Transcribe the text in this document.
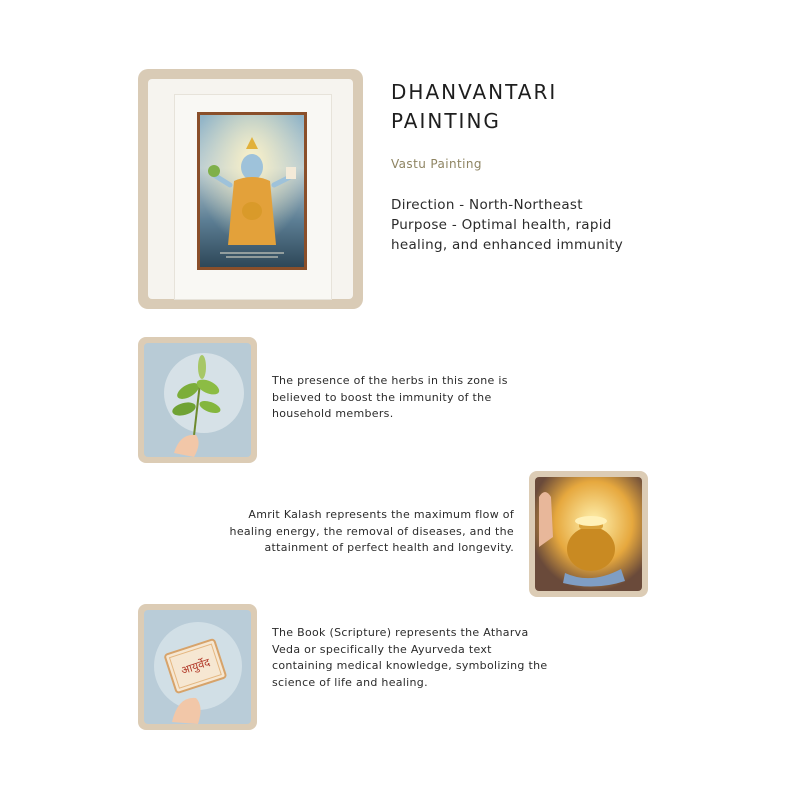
DHANVANTARI
PAINTING
Vastu Painting
Direction - North-Northeast
Purpose - Optimal health, rapid
healing, and enhanced immunity
The presence of the herbs in this zone is
believed to boost the immunity of the
household members.
Amrit Kalash represents the maximum flow of
healing energy, the removal of diseases, and the
attainment of perfect health and longevity.
आयुर्वेद
The Book (Scripture) represents the Atharva
Veda or specifically the Ayurveda text
containing medical knowledge, symbolizing the
science of life and healing.
